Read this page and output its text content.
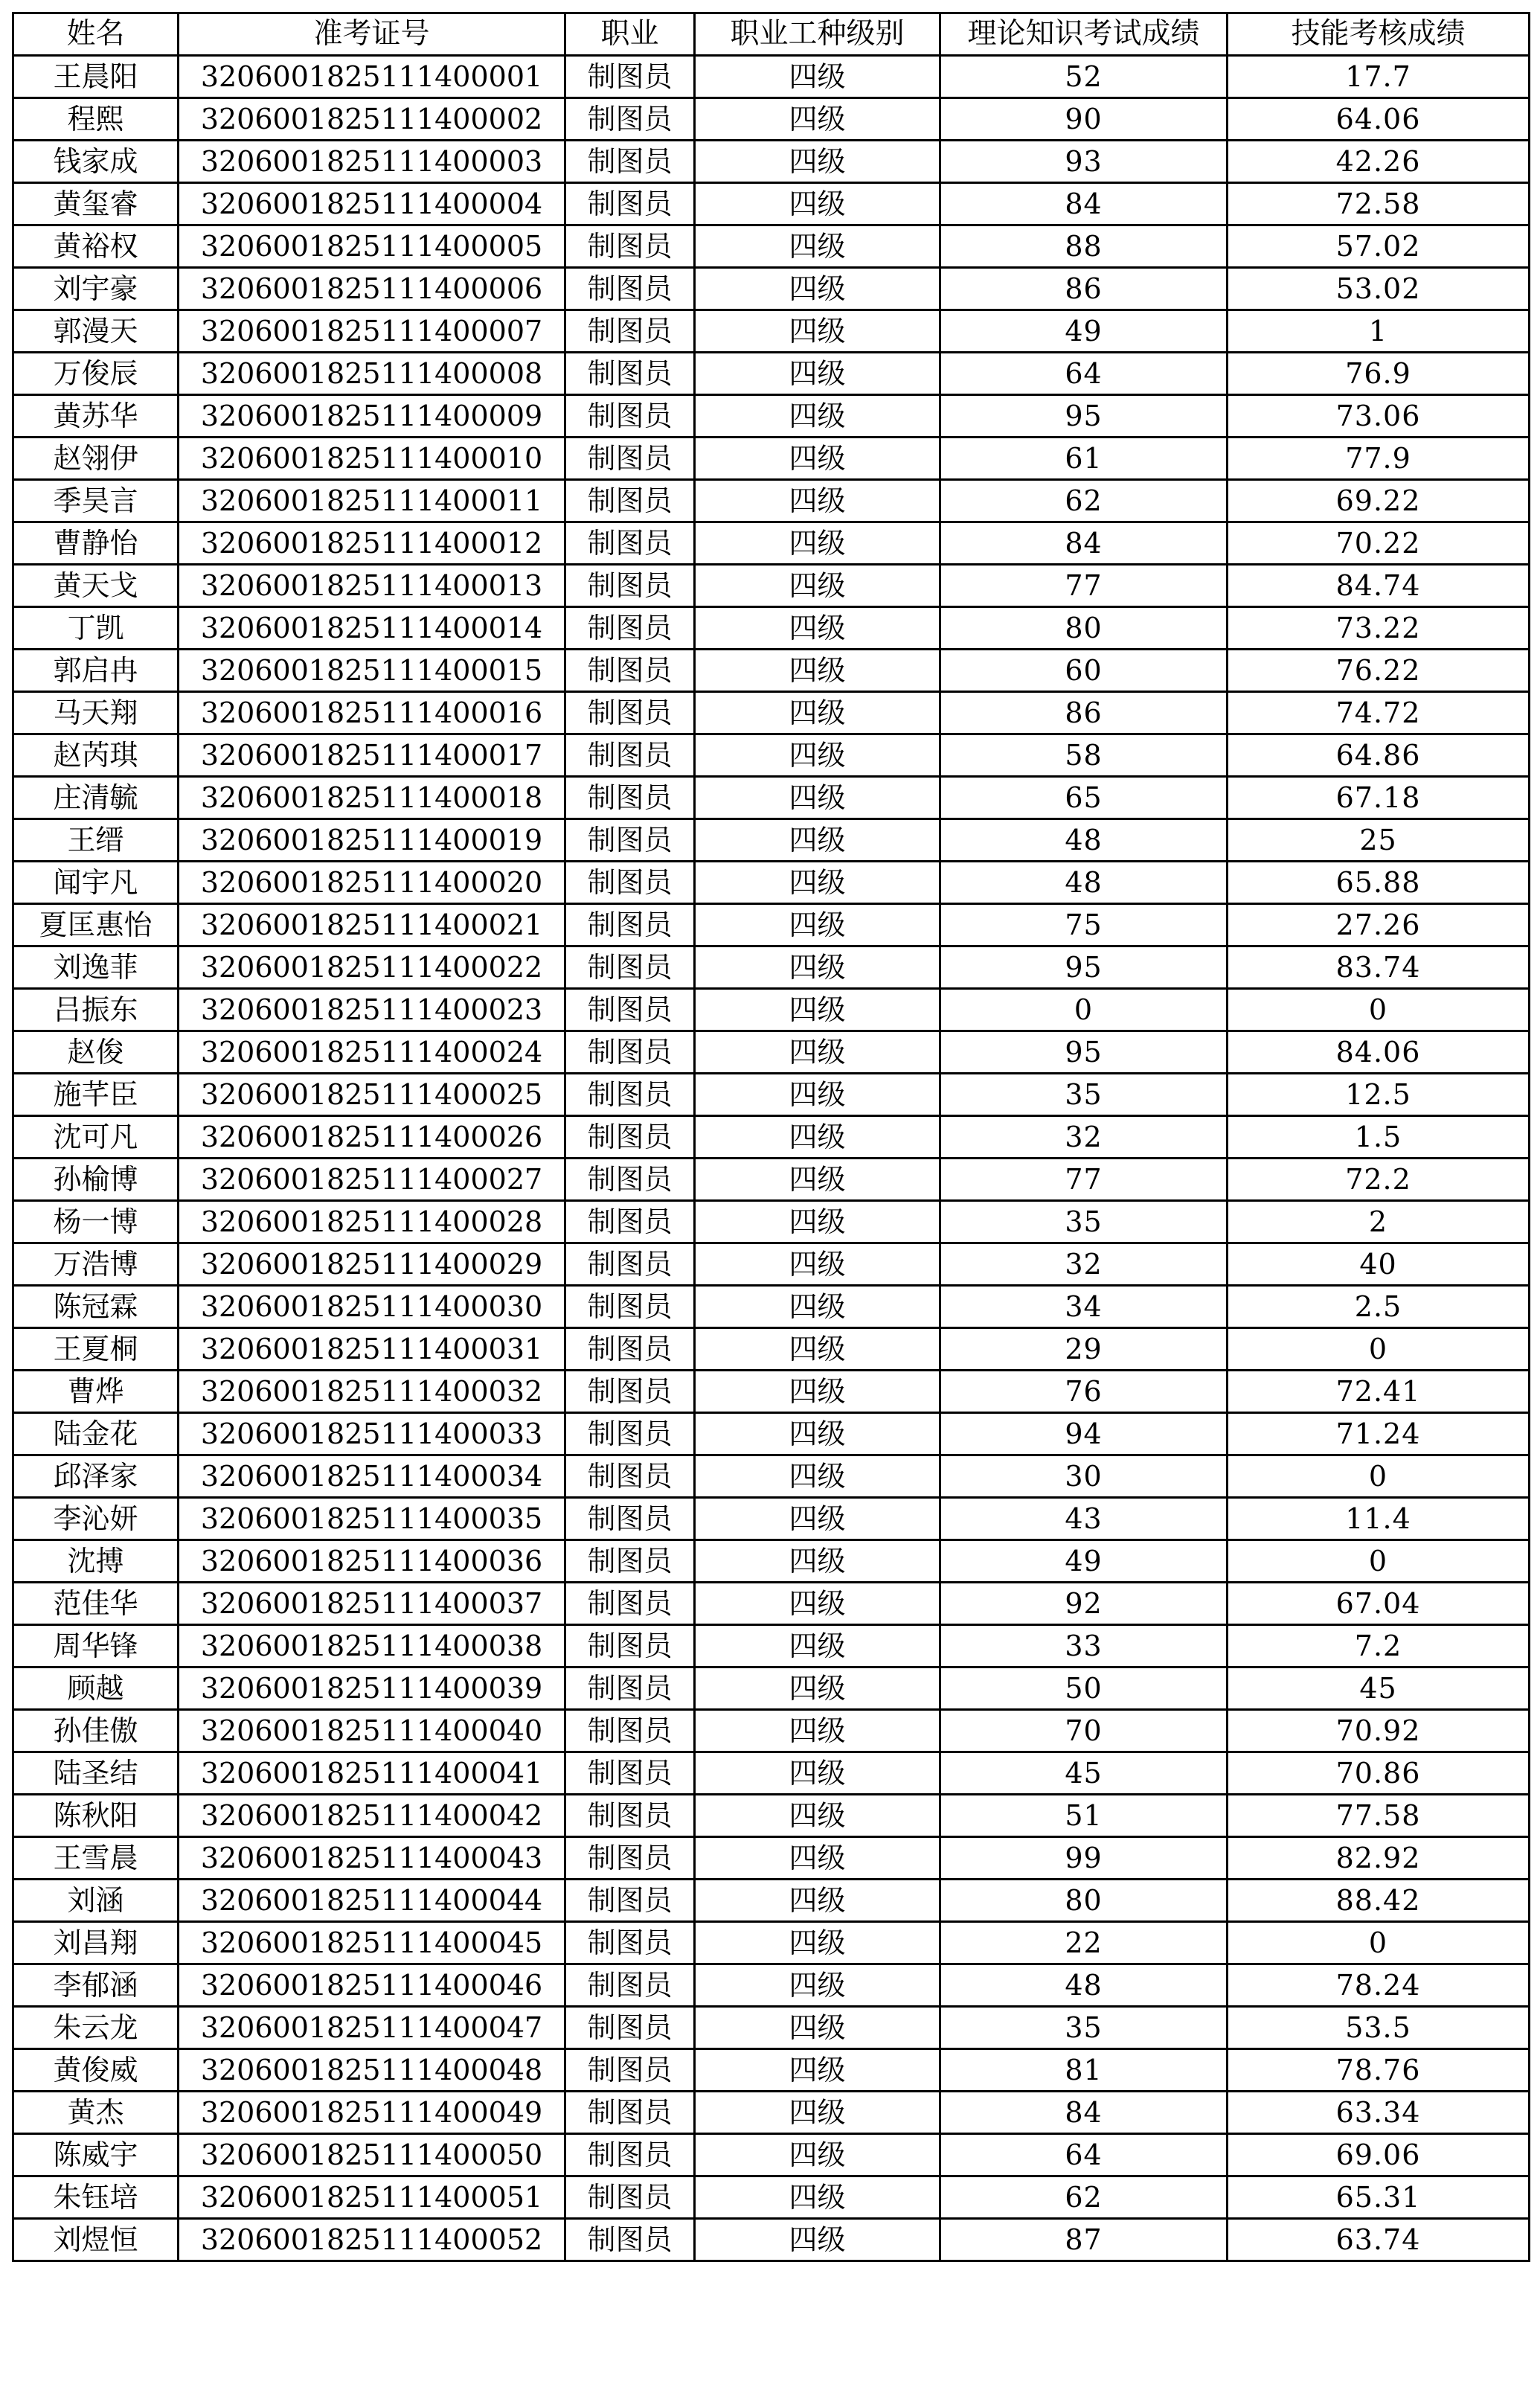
姓名	准考证号	职业	职业工种级别	理论知识考试成绩	技能考核成绩
王晨阳	3206001825111400001	制图员	四级	52	17.7
程熙	3206001825111400002	制图员	四级	90	64.06
钱家成	3206001825111400003	制图员	四级	93	42.26
黄玺睿	3206001825111400004	制图员	四级	84	72.58
黄裕权	3206001825111400005	制图员	四级	88	57.02
刘宇豪	3206001825111400006	制图员	四级	86	53.02
郭漫天	3206001825111400007	制图员	四级	49	1
万俊辰	3206001825111400008	制图员	四级	64	76.9
黄苏华	3206001825111400009	制图员	四级	95	73.06
赵翎伊	3206001825111400010	制图员	四级	61	77.9
季昊言	3206001825111400011	制图员	四级	62	69.22
曹静怡	3206001825111400012	制图员	四级	84	70.22
黄天戈	3206001825111400013	制图员	四级	77	84.74
丁凯	3206001825111400014	制图员	四级	80	73.22
郭启冉	3206001825111400015	制图员	四级	60	76.22
马天翔	3206001825111400016	制图员	四级	86	74.72
赵芮琪	3206001825111400017	制图员	四级	58	64.86
庄清毓	3206001825111400018	制图员	四级	65	67.18
王缙	3206001825111400019	制图员	四级	48	25
闻宇凡	3206001825111400020	制图员	四级	48	65.88
夏匡惠怡	3206001825111400021	制图员	四级	75	27.26
刘逸菲	3206001825111400022	制图员	四级	95	83.74
吕振东	3206001825111400023	制图员	四级	0	0
赵俊	3206001825111400024	制图员	四级	95	84.06
施芊臣	3206001825111400025	制图员	四级	35	12.5
沈可凡	3206001825111400026	制图员	四级	32	1.5
孙榆博	3206001825111400027	制图员	四级	77	72.2
杨一博	3206001825111400028	制图员	四级	35	2
万浩博	3206001825111400029	制图员	四级	32	40
陈冠霖	3206001825111400030	制图员	四级	34	2.5
王夏桐	3206001825111400031	制图员	四级	29	0
曹烨	3206001825111400032	制图员	四级	76	72.41
陆金花	3206001825111400033	制图员	四级	94	71.24
邱泽家	3206001825111400034	制图员	四级	30	0
李沁妍	3206001825111400035	制图员	四级	43	11.4
沈搏	3206001825111400036	制图员	四级	49	0
范佳华	3206001825111400037	制图员	四级	92	67.04
周华锋	3206001825111400038	制图员	四级	33	7.2
顾越	3206001825111400039	制图员	四级	50	45
孙佳傲	3206001825111400040	制图员	四级	70	70.92
陆圣结	3206001825111400041	制图员	四级	45	70.86
陈秋阳	3206001825111400042	制图员	四级	51	77.58
王雪晨	3206001825111400043	制图员	四级	99	82.92
刘涵	3206001825111400044	制图员	四级	80	88.42
刘昌翔	3206001825111400045	制图员	四级	22	0
李郁涵	3206001825111400046	制图员	四级	48	78.24
朱云龙	3206001825111400047	制图员	四级	35	53.5
黄俊威	3206001825111400048	制图员	四级	81	78.76
黄杰	3206001825111400049	制图员	四级	84	63.34
陈威宇	3206001825111400050	制图员	四级	64	69.06
朱钰培	3206001825111400051	制图员	四级	62	65.31
刘煜恒	3206001825111400052	制图员	四级	87	63.74
